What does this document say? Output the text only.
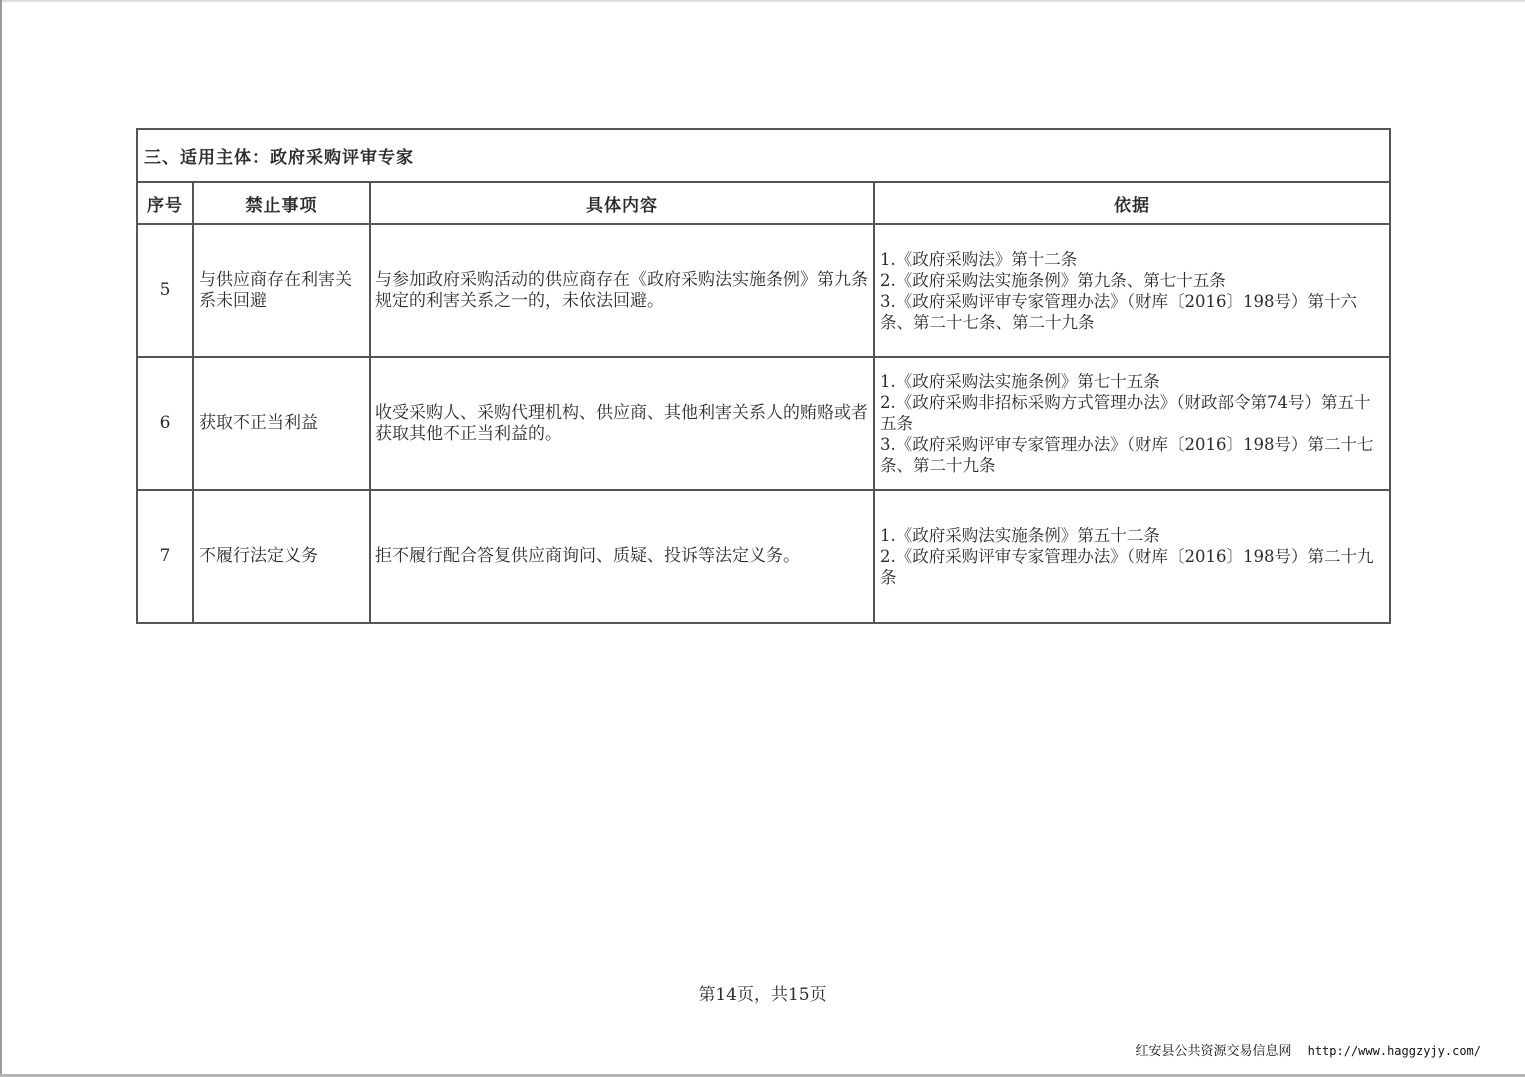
三、适用主体：政府采购评审专家			
序号	禁止事项	具体内容	依据
5	与供应商存在利害关系未回避	与参加政府采购活动的供应商存在《政府采购法实施条例》第九条规定的利害关系之一的，未依法回避。	1.《政府采购法》第十二条
2.《政府采购法实施条例》第九条、第七十五条
3.《政府采购评审专家管理办法》（财库〔2016〕198号）第十六条、第二十七条、第二十九条

6	获取不正当利益	收受采购人、采购代理机构、供应商、其他利害关系人的贿赂或者获取其他不正当利益的。	1.《政府采购法实施条例》第七十五条
2.《政府采购非招标采购方式管理办法》（财政部令第74号）第五十五条
3.《政府采购评审专家管理办法》（财库〔2016〕198号）第二十七条、第二十九条

7	不履行法定义务	拒不履行配合答复供应商询问、质疑、投诉等法定义务。	1.《政府采购法实施条例》第五十二条
2.《政府采购评审专家管理办法》（财库〔2016〕198号）第二十九条
第14页，共15页
红安县公共资源交易信息网 http://www.haggzyjy.com/
